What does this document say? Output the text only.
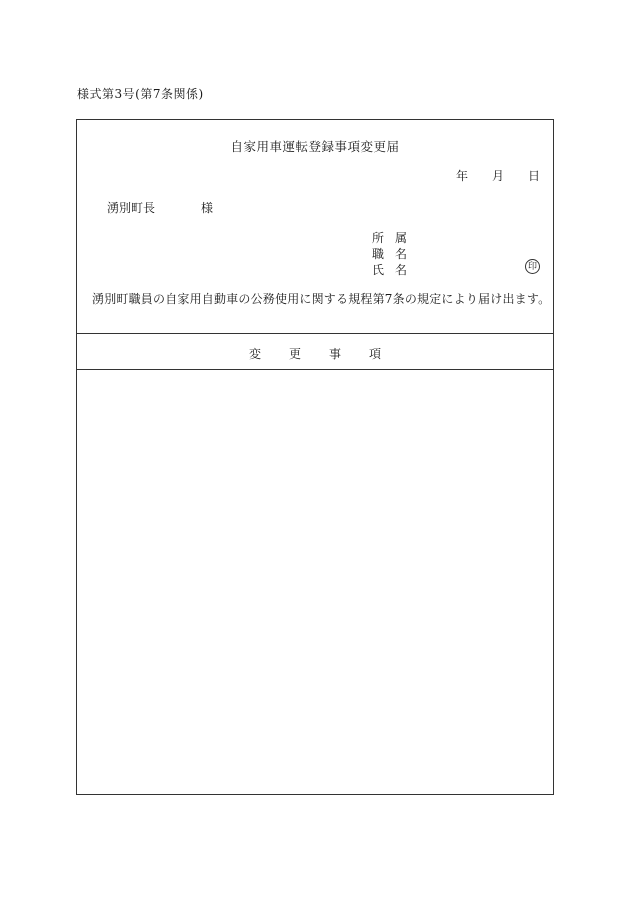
様式第3号(第7条関係)
自家用車運転登録事項変更届
年 月 日
湧別町長	様
所属
職名
氏名	印
湧別町職員の自家用自動車の公務使用に関する規程第7条の規定により届け出ます。
変更事項
